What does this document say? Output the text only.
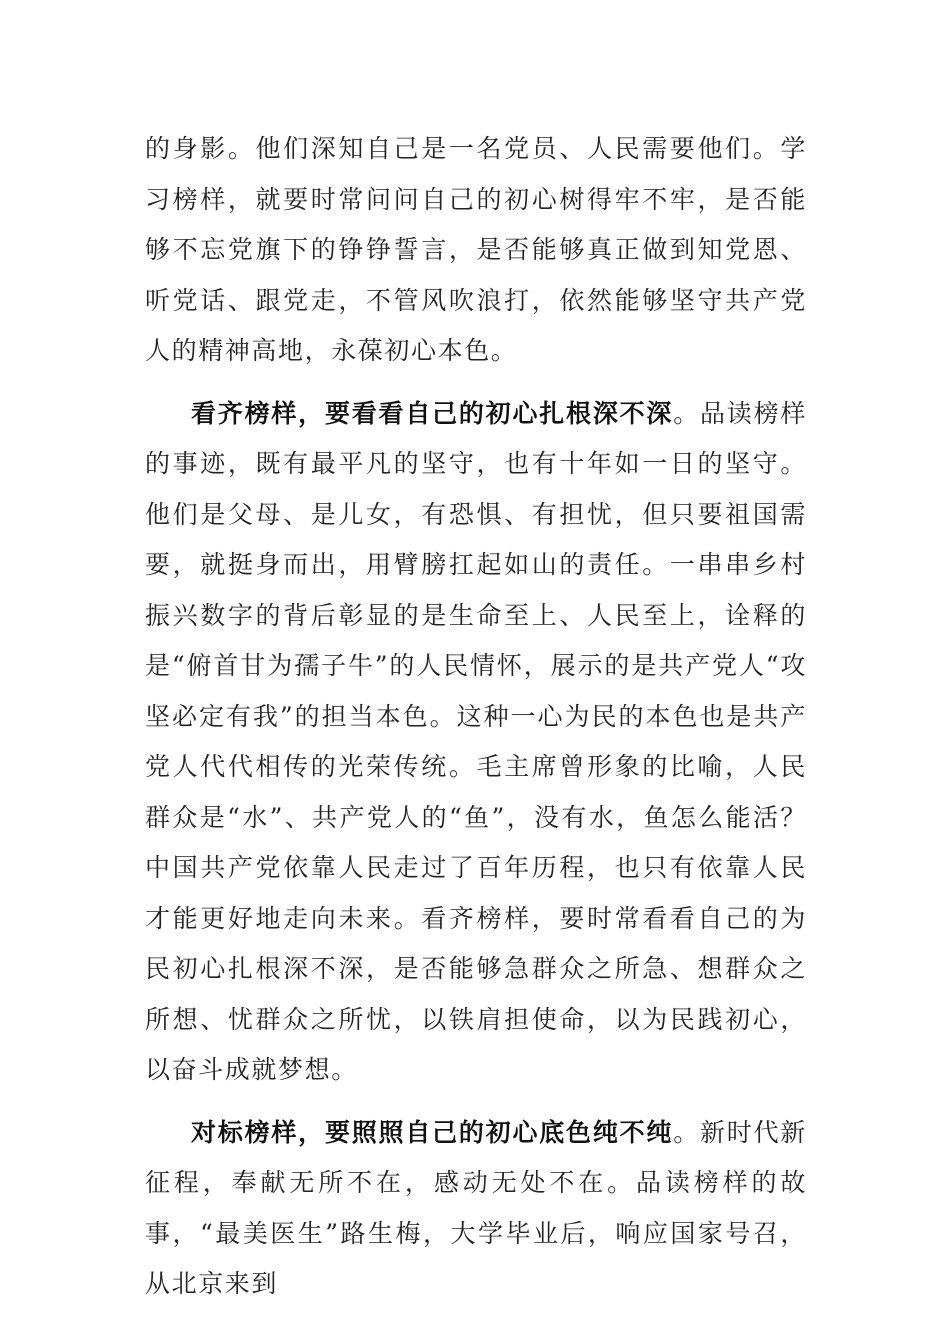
的身影。他们深知自己是一名党员、人民需要他们。学习榜样，就要时常问问自己的初心树得牢不牢，是否能够不忘党旗下的铮铮誓言，是否能够真正做到知党恩、听党话、跟党走，不管风吹浪打，依然能够坚守共产党人的精神高地，永葆初心本色。

看齐榜样，要看看自己的初心扎根深不深。品读榜样的事迹，既有最平凡的坚守，也有十年如一日的坚守。他们是父母、是儿女，有恐惧、有担忧，但只要祖国需要，就挺身而出，用臂膀扛起如山的责任。一串串乡村振兴数字的背后彰显的是生命至上、人民至上，诠释的是“俯首甘为孺子牛”的人民情怀，展示的是共产党人“攻坚必定有我”的担当本色。这种一心为民的本色也是共产党人代代相传的光荣传统。毛主席曾形象的比喻，人民群众是“水”、共产党人的“鱼”，没有水，鱼怎么能活？中国共产党依靠人民走过了百年历程，也只有依靠人民才能更好地走向未来。看齐榜样，要时常看看自己的为民初心扎根深不深，是否能够急群众之所急、想群众之所想、忧群众之所忧，以铁肩担使命，以为民践初心，以奋斗成就梦想。

对标榜样，要照照自己的初心底色纯不纯。新时代新征程，奉献无所不在，感动无处不在。品读榜样的故事，“最美医生”路生梅，大学毕业后，响应国家号召，从北京来到
